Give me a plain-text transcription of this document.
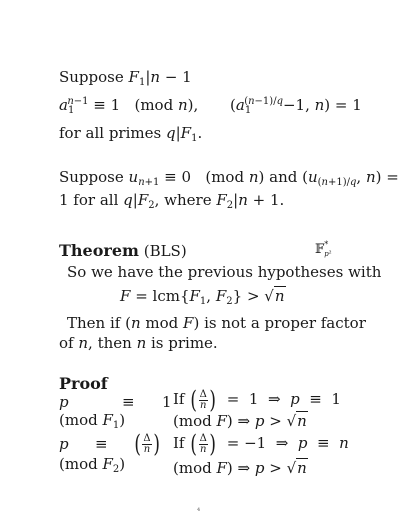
Suppose $F_1|n - 1$
$a_1^{n-1} \equiv 1$   (mod n), ($a_1^{(n-1)/q}-1$, n) = 1
for all primes $q|F_1$.
Suppose $u_{n+1} \equiv 0$   (mod n) and ($u_{(n+1)/q}$, n) =
1 for all $q|F_2$, where $F_2|n + 1$.
Theorem (BLS)	𝔽*$_{p^2}$
So we have the previous hypotheses with
$F = lcm\{F_1$, $F_2\} > √n$
Then if (n mod F) is not a proper factor
of n, then n is prime.
Proof
p	≡
(mod $F_1$)
1 If ( $\frac{\Delta}{n}$ )  =  1  ⇒  p  ≡  1
(mod F) ⇒ p > √n
p ≡
(mod $F_2$)
( $\frac{\Delta}{n}$ ) If ( $\frac{\Delta}{n}$ )  = −1  ⇒  p  ≡  n
(mod F) ⇒ p > √n
4
